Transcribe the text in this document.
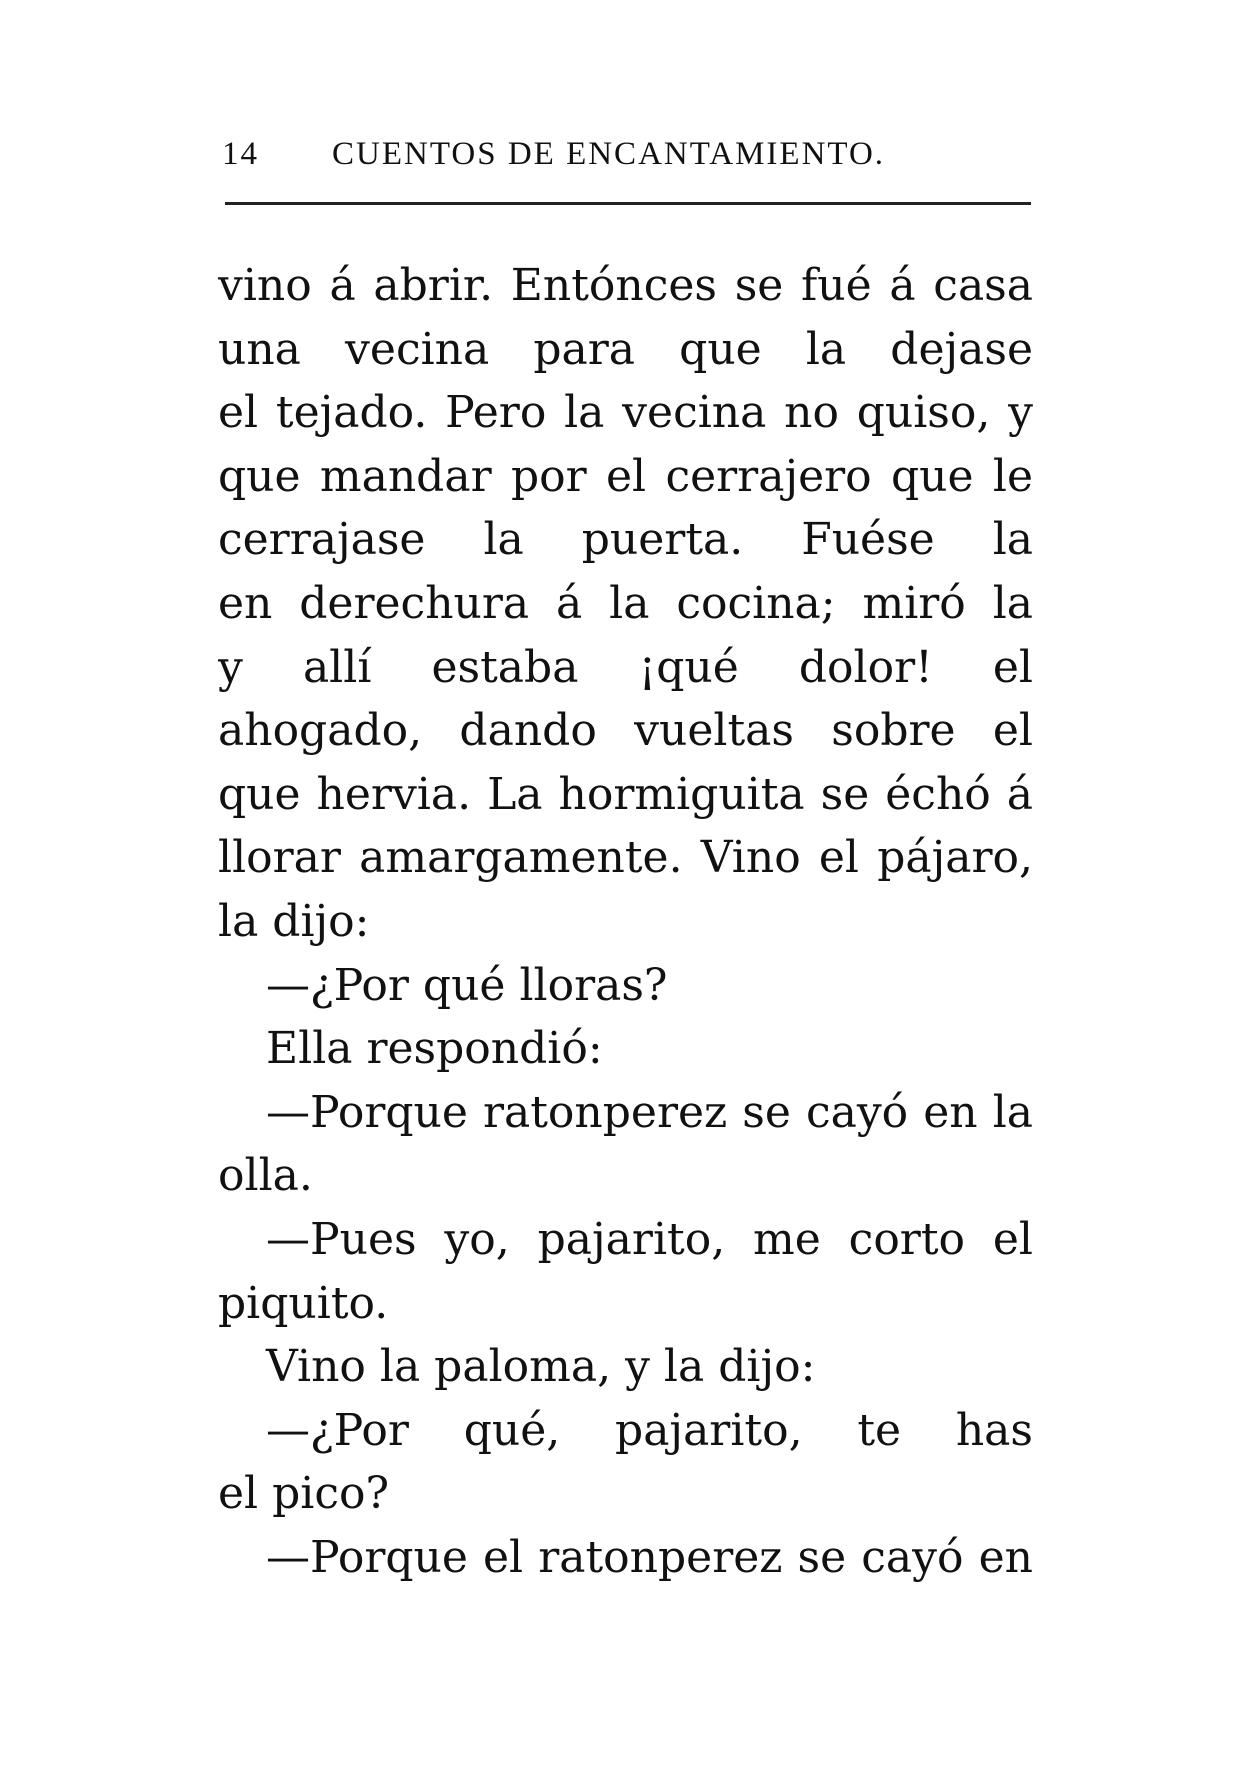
14 CUENTOS DE ENCANTAMIENTO.
vino á abrir. Entónces se fué á casa
una vecina para que la dejase
el tejado. Pero la vecina no quiso, y
que mandar por el cerrajero que le
cerrajase la puerta. Fuése la
en derechura á la cocina; miró la
y allí estaba ¡qué dolor! el
ahogado, dando vueltas sobre el
que hervia. La hormiguita se échó á
llorar amargamente. Vino el pájaro,
la dijo:
—¿Por qué lloras?
Ella respondió:
—Porque ratonperez se cayó en la
olla.
—Pues yo, pajarito, me corto el
piquito.
Vino la paloma, y la dijo:
—¿Por qué, pajarito, te has
el pico?
—Porque el ratonperez se cayó en
